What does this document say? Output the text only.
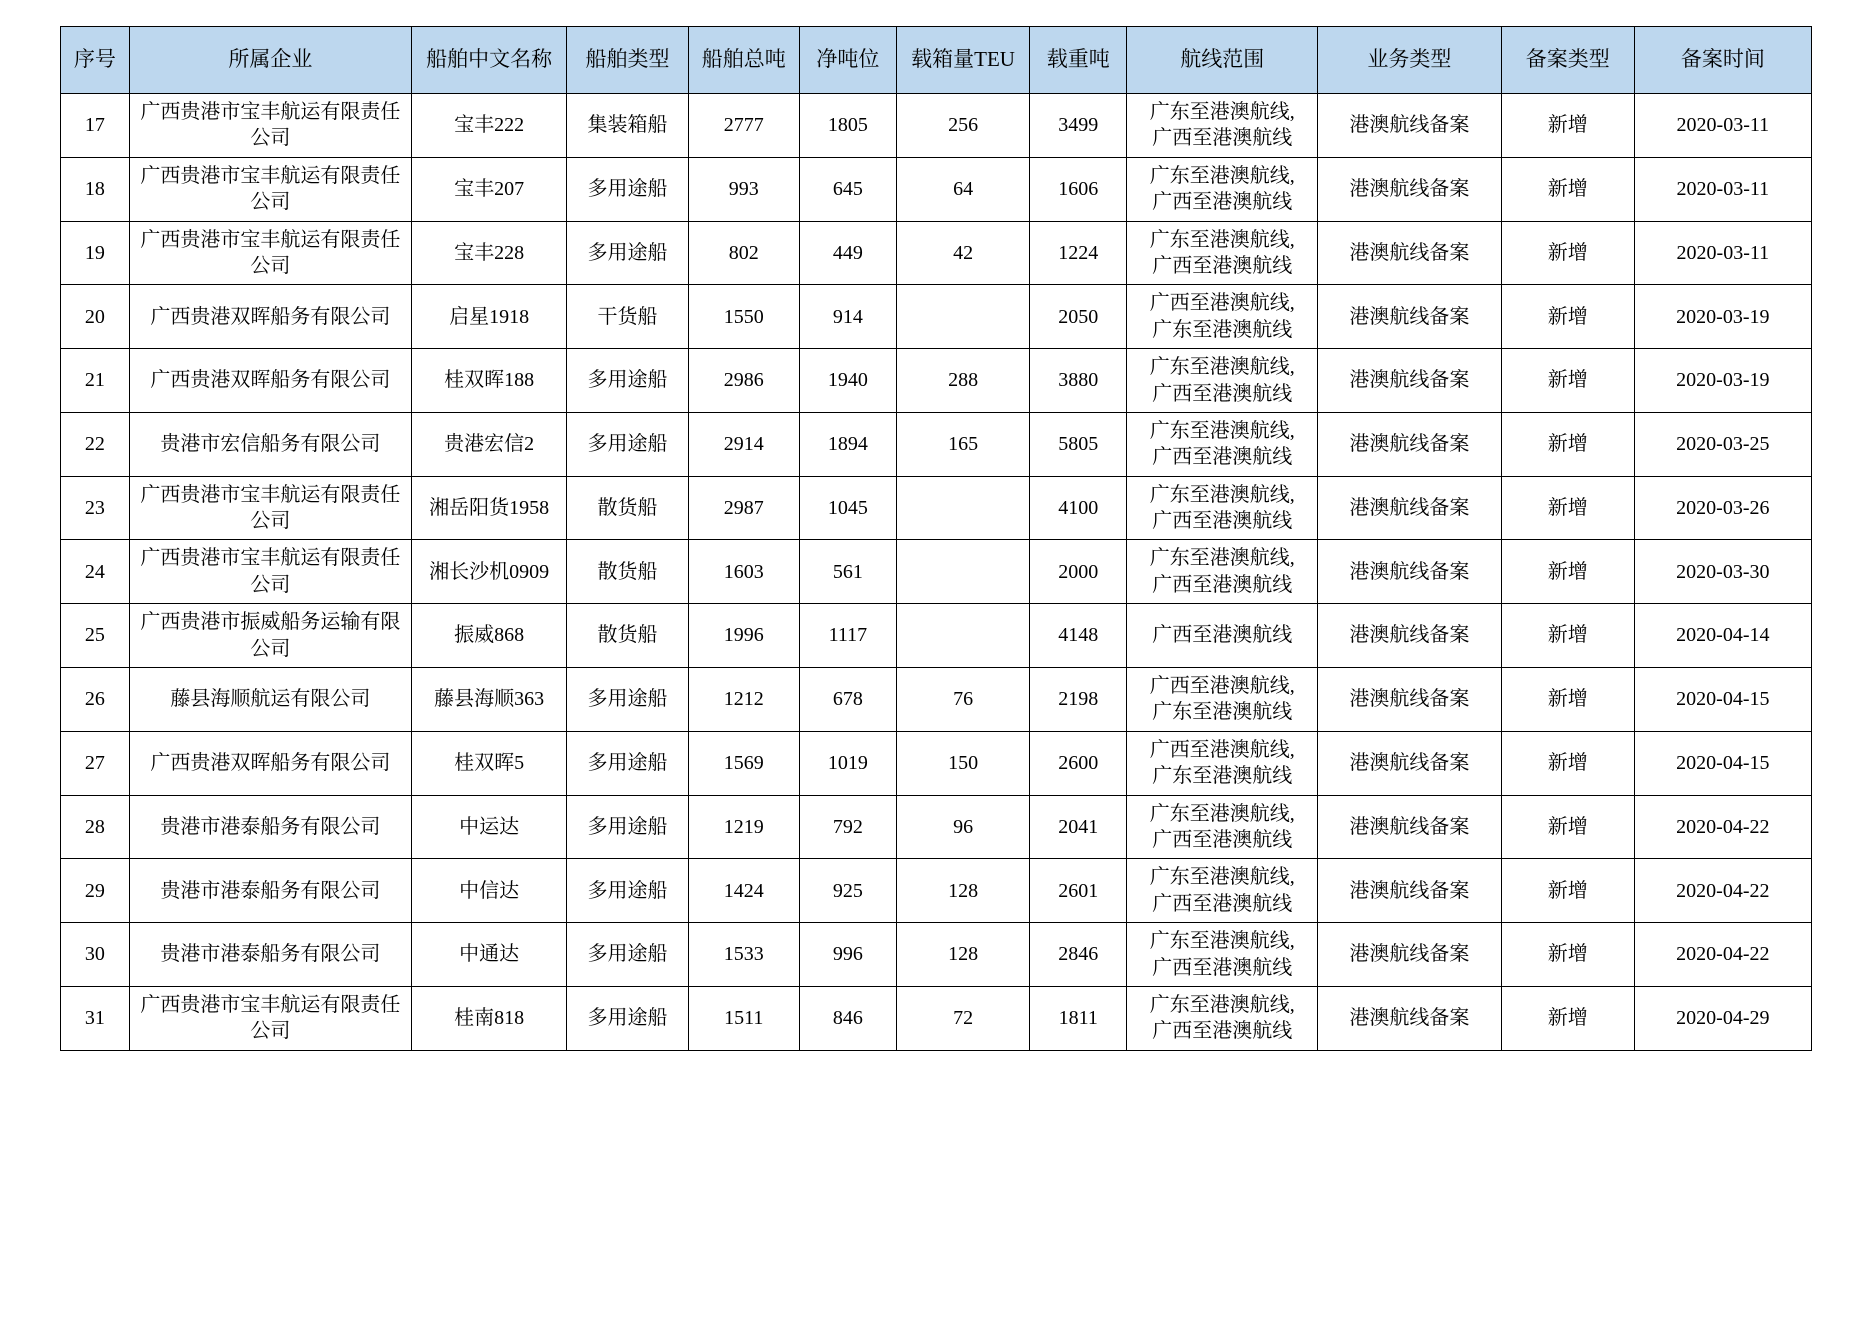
序号	所属企业	船舶中文名称	船舶类型	船舶总吨	净吨位	载箱量TEU	载重吨	航线范围	业务类型	备案类型	备案时间
17	广西贵港市宝丰航运有限责任公司	宝丰222	集装箱船	2777	1805	256	3499	广东至港澳航线,
广西至港澳航线	港澳航线备案	新增	2020-03-11
18	广西贵港市宝丰航运有限责任公司	宝丰207	多用途船	993	645	64	1606	广东至港澳航线,
广西至港澳航线	港澳航线备案	新增	2020-03-11
19	广西贵港市宝丰航运有限责任公司	宝丰228	多用途船	802	449	42	1224	广东至港澳航线,
广西至港澳航线	港澳航线备案	新增	2020-03-11
20	广西贵港双晖船务有限公司	启星1918	干货船	1550	914		2050	广西至港澳航线,
广东至港澳航线	港澳航线备案	新增	2020-03-19
21	广西贵港双晖船务有限公司	桂双晖188	多用途船	2986	1940	288	3880	广东至港澳航线,
广西至港澳航线	港澳航线备案	新增	2020-03-19
22	贵港市宏信船务有限公司	贵港宏信2	多用途船	2914	1894	165	5805	广东至港澳航线,
广西至港澳航线	港澳航线备案	新增	2020-03-25
23	广西贵港市宝丰航运有限责任公司	湘岳阳货1958	散货船	2987	1045		4100	广东至港澳航线,
广西至港澳航线	港澳航线备案	新增	2020-03-26
24	广西贵港市宝丰航运有限责任公司	湘长沙机0909	散货船	1603	561		2000	广东至港澳航线,
广西至港澳航线	港澳航线备案	新增	2020-03-30
25	广西贵港市振威船务运输有限公司	振威868	散货船	1996	1117		4148	广西至港澳航线	港澳航线备案	新增	2020-04-14
26	藤县海顺航运有限公司	藤县海顺363	多用途船	1212	678	76	2198	广西至港澳航线,
广东至港澳航线	港澳航线备案	新增	2020-04-15
27	广西贵港双晖船务有限公司	桂双晖5	多用途船	1569	1019	150	2600	广西至港澳航线,
广东至港澳航线	港澳航线备案	新增	2020-04-15
28	贵港市港泰船务有限公司	中运达	多用途船	1219	792	96	2041	广东至港澳航线,
广西至港澳航线	港澳航线备案	新增	2020-04-22
29	贵港市港泰船务有限公司	中信达	多用途船	1424	925	128	2601	广东至港澳航线,
广西至港澳航线	港澳航线备案	新增	2020-04-22
30	贵港市港泰船务有限公司	中通达	多用途船	1533	996	128	2846	广东至港澳航线,
广西至港澳航线	港澳航线备案	新增	2020-04-22
31	广西贵港市宝丰航运有限责任公司	桂南818	多用途船	1511	846	72	1811	广东至港澳航线,
广西至港澳航线	港澳航线备案	新增	2020-04-29
